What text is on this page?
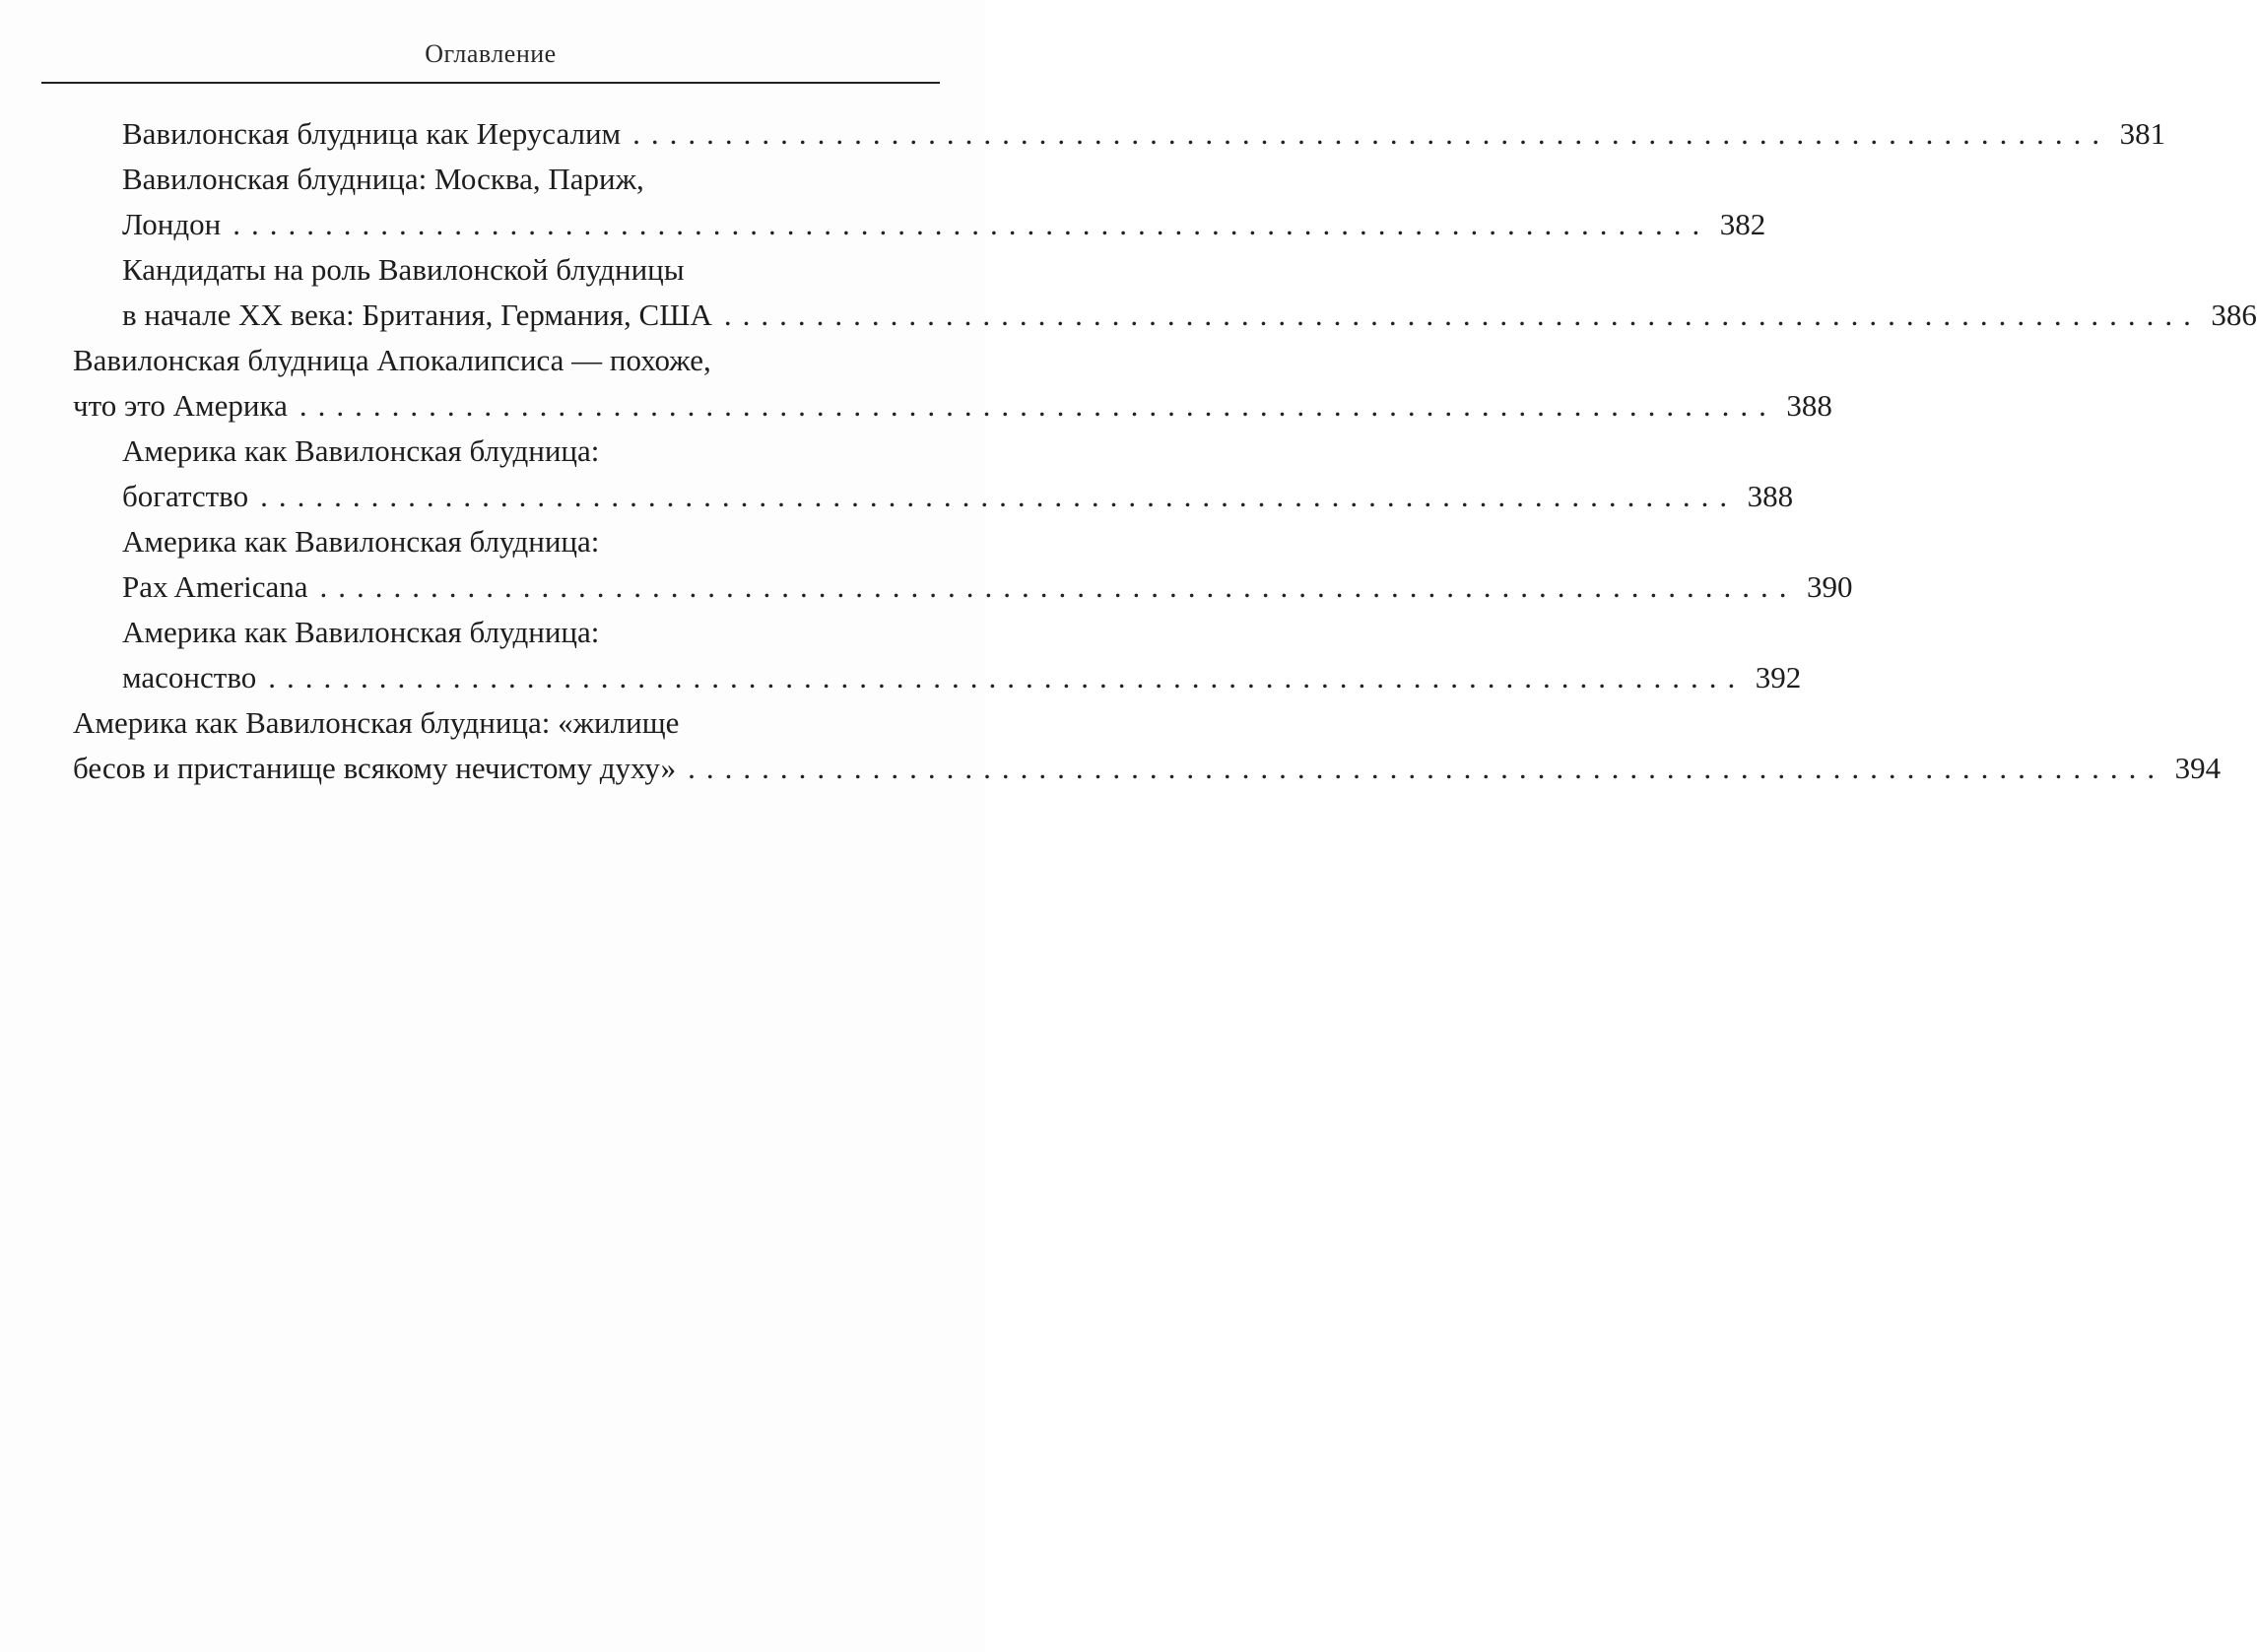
Оглавление
Вавилонская блудница как Иерусалим ................................................................................ 381
Вавилонская блудница: Москва, Париж,
Лондон ................................................................................ 382
Кандидаты на роль Вавилонской блудницы
в начале XX века: Британия, Германия, США ................................................................................ 386
Вавилонская блудница Апокалипсиса — похоже,
что это Америка ................................................................................ 388
Америка как Вавилонская блудница:
богатство ................................................................................ 388
Америка как Вавилонская блудница:
Pax Americana ................................................................................ 390
Америка как Вавилонская блудница:
масонство ................................................................................ 392
Америка как Вавилонская блудница: «жилище
бесов и пристанище всякому нечистому духу» ................................................................................ 394
